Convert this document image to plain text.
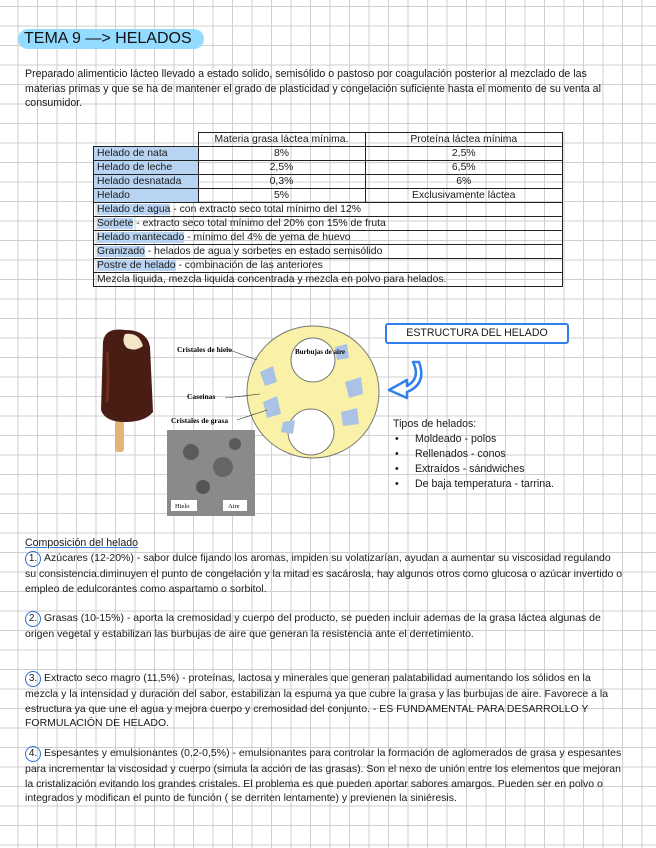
TEMA 9 —> HELADOS
Preparado alimenticio lácteo llevado a estado solido, semisólido o pastoso por coagulación posterior al mezclado de las materias primas y que se ha de mantener el grado de plasticidad y congelación suficiente hasta el momento de su venta al consumidor.
	Materia grasa láctea mínima.	Proteína láctea mínima
Helado de nata	8%	2,5%
Helado de leche	2,5%	6,5%
Helado desnatada	0,3%	6%
Helado	5%	Exclusivamente láctea
Helado de agua - con extracto seco total mínimo del 12%		
Sorbete - extracto seco total mínimo del 20% con 15% de fruta		
Helado mantecado - mínimo del 4% de yema de huevo		
Granizado - helados de agua y sorbetes en estado semisólido		
Postre de helado - combinación de las anteriores		
Mezcla liquida, mezcla liquida concentrada y mezcla en polvo para helados.		
Cristales de hielo	Burbujas de aire
Caseinas
Cristales de grasa
Hielo	Aire
ESTRUCTURA DEL HELADO
Tipos de helados:
• Moldeado - polos
• Rellenados - conos
• Extraídos - sándwiches
• De baja temperatura - tarrina.
Composición del helado
1. Azúcares (12-20%) - sabor dulce fijando los aromas, impiden su volatizarían, ayudan a aumentar su viscosidad regulando su consistencia.diminuyen el punto de congelación y la mitad es sacárosla, hay algunos otros como glucosa o azúcar invertido o empleo de edulcorantes como aspartamo o sorbitol.
2. Grasas (10-15%) - aporta la cremosidad y cuerpo del producto, se pueden incluir ademas de la grasa láctea algunas de origen vegetal y estabilizan las burbujas de aire que generan la resistencia ante el derretimiento.
3. Extracto seco magro (11,5%) - proteínas, lactosa y minerales que generan palatabilidad aumentando los sólidos en la mezcla y la intensidad y duración del sabor, estabilizan la espuma ya que cubre la grasa y las burbujas de aire. Favorece a la estructura ya que une el agua y mejora cuerpo y cremosidad del conjunto. - ES FUNDAMENTAL PARA DESARROLLO Y FORMULACIÓN DE HELADO.
4. Espesantes y emulsionantes (0,2-0,5%) - emulsionantes para controlar la formación de aglomerados de grasa y espesantes para incrementar la viscosidad y cuerpo (simula la acción de las grasas). Son el nexo de unión entre los elementos que mejoran la cristalización evitando los grandes cristales. El problema es que pueden aportar sabores amargos. Pueden ser en polvo o integrados y modifican el punto de función ( se derriten lentamente) y previenen la siniéresis.
